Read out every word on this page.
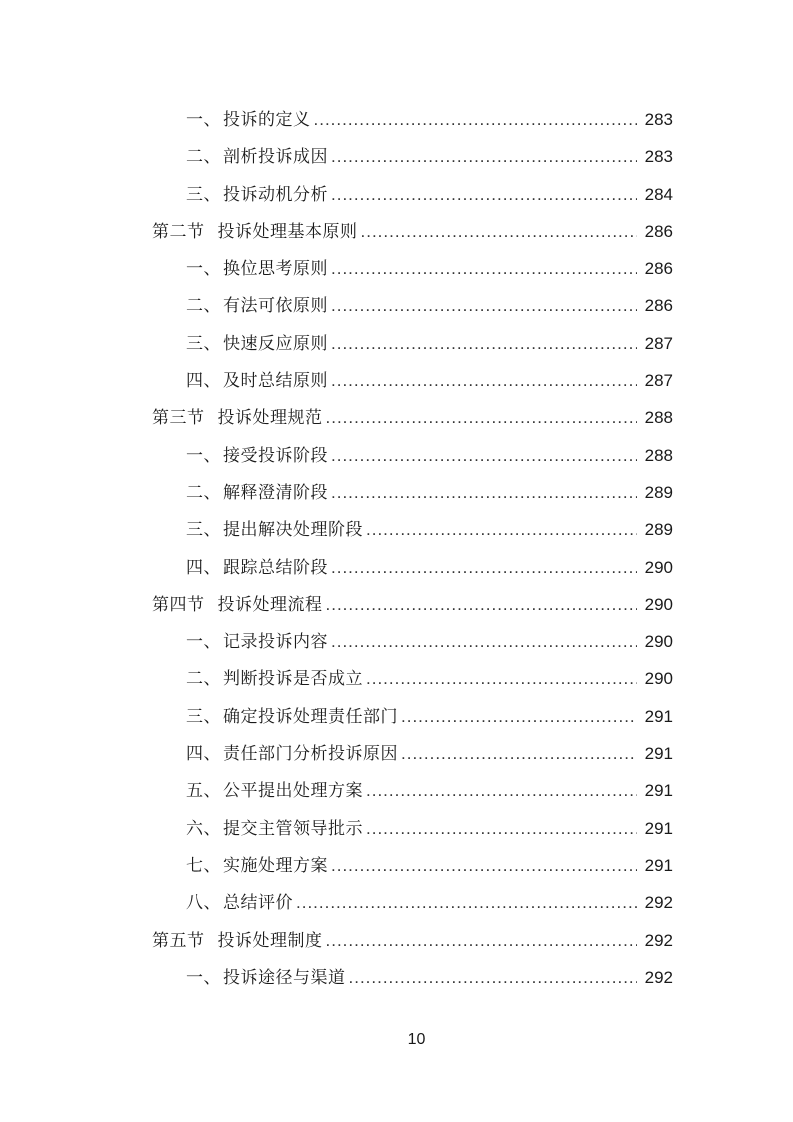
一、 投诉的定义 .....	283
二、 剖析投诉成因 .....	283
三、 投诉动机分析 .....	284
第二节 投诉处理基本原则 .....	286
一、 换位思考原则 .....	286
二、 有法可依原则 .....	286
三、 快速反应原则 .....	287
四、 及时总结原则 .....	287
第三节 投诉处理规范 .....	288
一、 接受投诉阶段 .....	288
二、 解释澄清阶段 .....	289
三、 提出解决处理阶段 .....	289
四、 跟踪总结阶段 .....	290
第四节 投诉处理流程 .....	290
一、 记录投诉内容 .....	290
二、 判断投诉是否成立 .....	290
三、 确定投诉处理责任部门 .....	291
四、 责任部门分析投诉原因 .....	291
五、 公平提出处理方案 .....	291
六、 提交主管领导批示 .....	291
七、 实施处理方案 .....	291
八、 总结评价 .....	292
第五节 投诉处理制度 .....	292
一、 投诉途径与渠道 .....	292
10
